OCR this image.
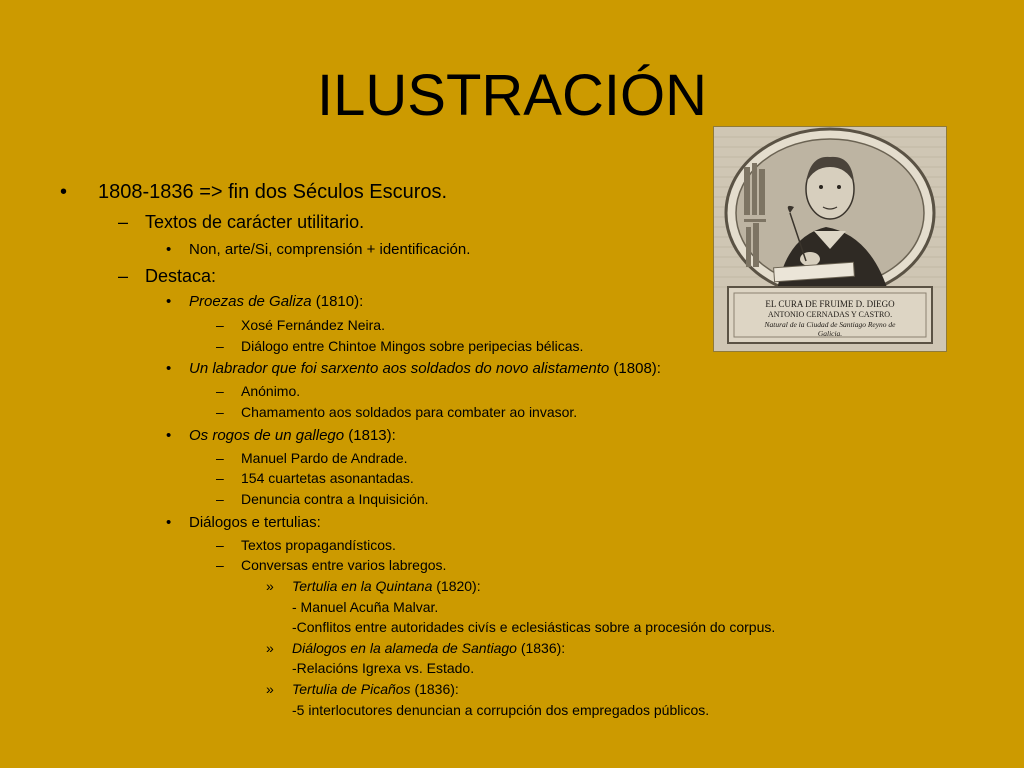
ILUSTRACIÓN
EL CURA DE FRUIME D. DIEGO
ANTONIO CERNADAS Y CASTRO.
Natural de la Ciudad de Santiago Reyno de
Galicia.
• 1808-1836 => fin dos Séculos Escuros.
– Textos de carácter utilitario.
• Non, arte/Si, comprensión + identificación.
– Destaca:
• Proezas de Galiza (1810):
– Xosé Fernández Neira.
– Diálogo entre Chintoe Mingos sobre peripecias bélicas.
• Un labrador que foi sarxento aos soldados do novo alistamento (1808):
– Anónimo.
– Chamamento aos soldados para combater ao invasor.
• Os rogos de un gallego (1813):
– Manuel Pardo de Andrade.
– 154 cuartetas asonantadas.
– Denuncia contra a Inquisición.
• Diálogos e tertulias:
– Textos propagandísticos.
– Conversas entre varios labregos.
» Tertulia en la Quintana (1820):
- Manuel Acuña Malvar.
-Conflitos entre autoridades civís e eclesiásticas sobre a procesión do corpus.
» Diálogos en la alameda de Santiago (1836):
-Relacións Igrexa vs. Estado.
» Tertulia de Picaños (1836):
-5 interlocutores denuncian a corrupción dos empregados públicos.
